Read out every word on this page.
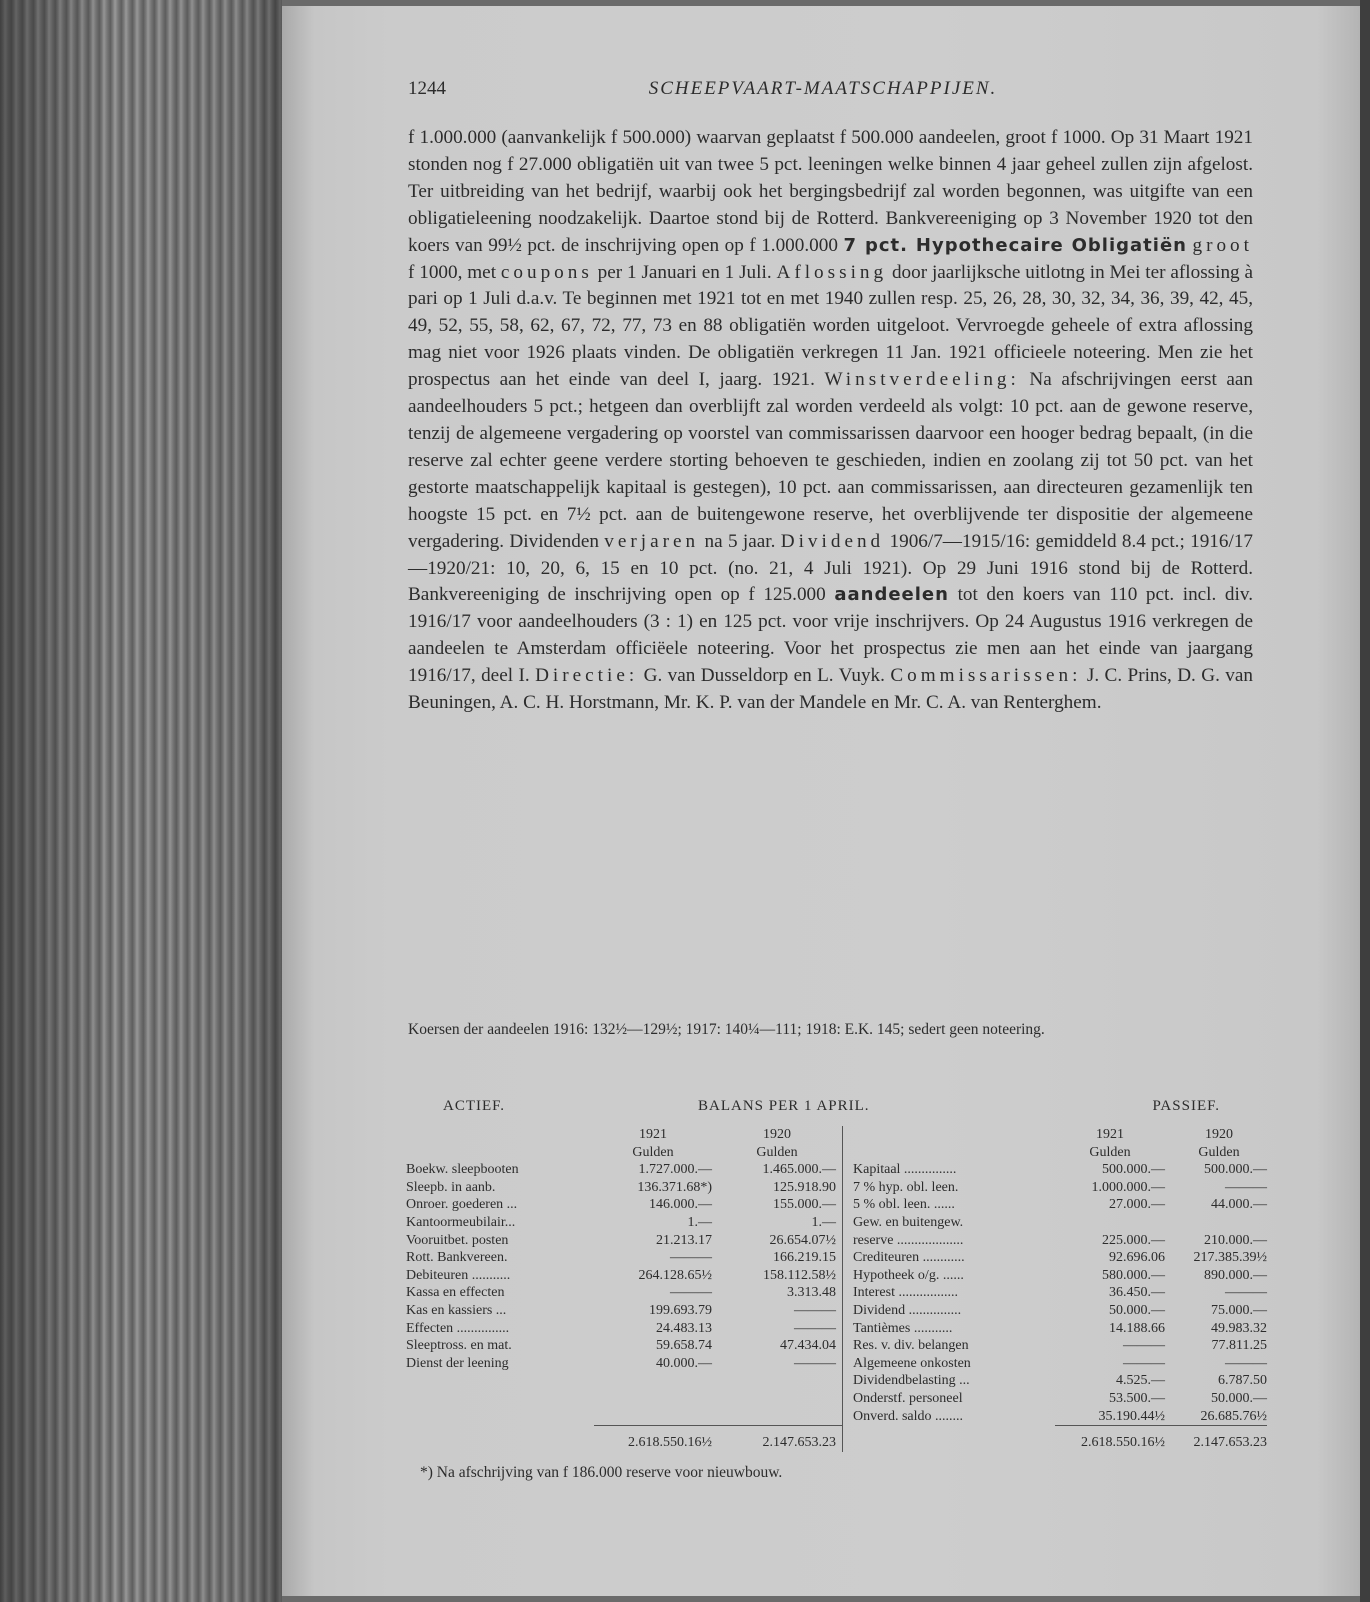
1244	SCHEEPVAART-MAATSCHAPPIJEN.

f 1.000.000 (aanvankelijk f 500.000) waarvan geplaatst f 500.000 aandeelen, groot f 1000. Op 31 Maart 1921 stonden nog f 27.000 obligatiën uit van twee 5 pct. leeningen welke binnen 4 jaar geheel zullen zijn afgelost. Ter uitbreiding van het bedrijf, waarbij ook het bergingsbedrijf zal worden begonnen, was uitgifte van een obligatieleening noodzakelijk. Daartoe stond bij de Rotterd. Bankvereeniging op 3 November 1920 tot den koers van 99½ pct. de inschrijving open op f 1.000.000 7 pct. Hypothecaire Obligatiën groot f 1000, met coupons per 1 Januari en 1 Juli. Aflossing door jaarlijksche uitlotng in Mei ter aflossing à pari op 1 Juli d.a.v. Te beginnen met 1921 tot en met 1940 zullen resp. 25, 26, 28, 30, 32, 34, 36, 39, 42, 45, 49, 52, 55, 58, 62, 67, 72, 77, 73 en 88 obligatiën worden uitgeloot. Vervroegde geheele of extra aflossing mag niet voor 1926 plaats vinden. De obligatiën verkregen 11 Jan. 1921 officieele noteering. Men zie het prospectus aan het einde van deel I, jaarg. 1921. Winstverdeeling: Na afschrijvingen eerst aan aandeelhouders 5 pct.; hetgeen dan overblijft zal worden verdeeld als volgt: 10 pct. aan de gewone reserve, tenzij de algemeene vergadering op voorstel van commissarissen daarvoor een hooger bedrag bepaalt, (in die reserve zal echter geene verdere storting behoeven te geschieden, indien en zoolang zij tot 50 pct. van het gestorte maatschappelijk kapitaal is gestegen), 10 pct. aan commissarissen, aan directeuren gezamenlijk ten hoogste 15 pct. en 7½ pct. aan de buitengewone reserve, het overblijvende ter dispositie der algemeene vergadering. Dividenden verjaren na 5 jaar. Dividend 1906/7—1915/16: gemiddeld 8.4 pct.; 1916/17—1920/21: 10, 20, 6, 15 en 10 pct. (no. 21, 4 Juli 1921). Op 29 Juni 1916 stond bij de Rotterd. Bankvereeniging de inschrijving open op f 125.000 aandeelen tot den koers van 110 pct. incl. div. 1916/17 voor aandeelhouders (3 : 1) en 125 pct. voor vrije inschrijvers. Op 24 Augustus 1916 verkregen de aandeelen te Amsterdam officiëele noteering. Voor het prospectus zie men aan het einde van jaargang 1916/17, deel I. Directie: G. van Dusseldorp en L. Vuyk. Commissarissen: J. C. Prins, D. G. van Beuningen, A. C. H. Horstmann, Mr. K. P. van der Mandele en Mr. C. A. van Renterghem.

Koersen der aandeelen 1916: 132½—129½; 1917: 140¼—111; 1918: E.K. 145; sedert geen noteering.

ACTIEF.	BALANS PER 1 APRIL.	PASSIEF.
	1921	1920			1921	1920
	Gulden	Gulden			Gulden	Gulden
Boekw. sleepbooten	1.727.000.—	1.465.000.—		Kapitaal ...............	500.000.—	500.000.—
Sleepb. in aanb.	136.371.68*)	125.918.90		7 % hyp. obl. leen.	1.000.000.—	———
Onroer. goederen ...	146.000.—	155.000.—		5 % obl. leen. ......	27.000.—	44.000.—
Kantoormeubilair...	1.—	1.—		Gew. en buitengew.		
Vooruitbet. posten	21.213.17	26.654.07½		reserve ...................	225.000.—	210.000.—
Rott. Bankvereen.	———	166.219.15		Crediteuren ............	92.696.06	217.385.39½
Debiteuren ...........	264.128.65½	158.112.58½		Hypotheek o/g. ......	580.000.—	890.000.—
Kassa en effecten	———	3.313.48		Interest .................	36.450.—	———
Kas en kassiers ...	199.693.79	———		Dividend ...............	50.000.—	75.000.—
Effecten ...............	24.483.13	———		Tantièmes ...........	14.188.66	49.983.32
Sleeptross. en mat.	59.658.74	47.434.04		Res. v. div. belangen	———	77.811.25
Dienst der leening	40.000.—	———		Algemeene onkosten	———	———
				Dividendbelasting ...	4.525.—	6.787.50
				Onderstf. personeel	53.500.—	50.000.—
				Onverd. saldo ........	35.190.44½	26.685.76½
	2.618.550.16½	2.147.653.23			2.618.550.16½	2.147.653.23
*) Na afschrijving van f 186.000 reserve voor nieuwbouw.
